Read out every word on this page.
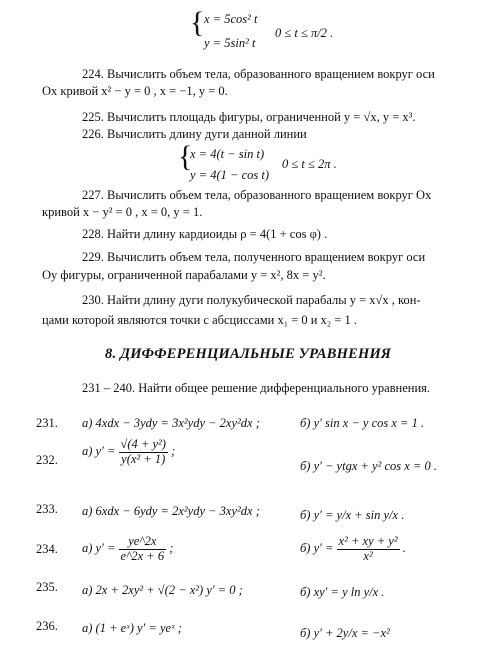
{ x = 5cos² t
y = 5sin² t
0 ≤ t ≤ π/2 .
224. Вычислить объем тела, образованного вращением вокруг оси
Ox кривой x² − y = 0 , x = −1, y = 0.
225. Вычислить площадь фигуры, ограниченной y = √x, y = x³.
226. Вычислить длину дуги данной линии
{
x = 4(t − sin t)
y = 4(1 − cos t)
0 ≤ t ≤ 2π .
227. Вычислить объем тела, образованного вращением вокруг Ox
кривой x − y² = 0 , x = 0, y = 1.
228. Найти длину кардиоиды ρ = 4(1 + cos φ) .
229. Вычислить объем тела, полученного вращением вокруг оси
Oy фигуры, ограниченной парабалами y = x², 8x = y².
230. Найти длину дуги полукубической парабалы y = x√x , кон-
цами которой являются точки с абсциссами x₁ = 0 и x₂ = 1 .
8. ДИФФЕРЕНЦИАЛЬНЫЕ УРАВНЕНИЯ
231 – 240. Найти общее решение дифференциального уравнения.
231. а) 4xdx − 3ydy = 3x²ydy − 2xy²dx ;	б) y′ sin x − y cos x = 1 .
232.
а) $y' = \frac{\text{√(4 + y²)}}{\text{y(x² + 1)}}$ ;
б) y′ − ytgx + y² cos x = 0 .
233. а) 6xdx − 6ydy = 2x²ydy − 3xy²dx ;	б) y′ = y/x + sin y/x .
234. а) $y' = \frac{ye\^{}2x}{e\^{}2x + 6}$ ;	б) $y' = \frac{\text{x² + xy + y²}}{\text{x²}}$ .
235. а) 2x + 2xy² + √(2 − x²) y′ = 0 ;	б) xy′ = y ln y/x .
236. а) (1 + eˣ) y′ = yeˣ ;	б) y′ + 2y/x = −x²
